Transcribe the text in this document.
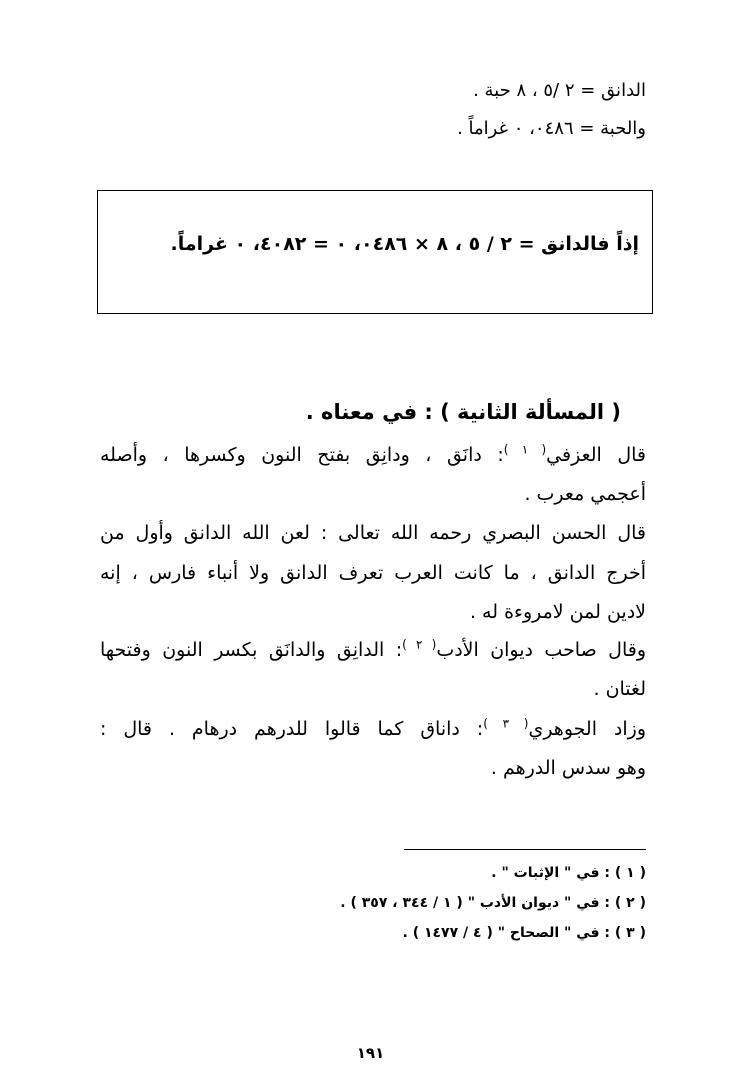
الدانق = ٢ /٥ ، ٨ حبة .
والحبة = ٠٤٨٦، ٠ غراماً .
إذاً فالدانق = ٢ / ٥ ، ٨ × ٠٤٨٦، ٠ = ٤٠٨٢، ٠ غراماً.
( المسألة الثانية ) : في معناه .
قال العزفي$^{( ١ )}$: دانَق ، ودانِق بفتح النون وكسرها ، وأصله
أعجمي معرب .
قال الحسن البصري رحمه الله تعالى : لعن الله الدانق وأول من
أخرج الدانق ، ما كانت العرب تعرف الدانق ولا أنباء فارس ، إنه
لادين لمن لامروءة له .
وقال صاحب ديوان الأدب$^{( ٢ )}$: الدانِق والدانَق بكسر النون وفتحها
لغتان .
وزاد الجوهري$^{( ٣ )}$: داناق كما قالوا للدرهم درهام . قال :
وهو سدس الدرهم .
( ١ ) : في " الإثبات " .
( ٢ ) : في " ديوان الأدب " ( ١ / ٣٤٤ ، ٣٥٧ ) .
( ٣ ) : في " الصحاح " ( ٤ / ١٤٧٧ ) .
١٩١
